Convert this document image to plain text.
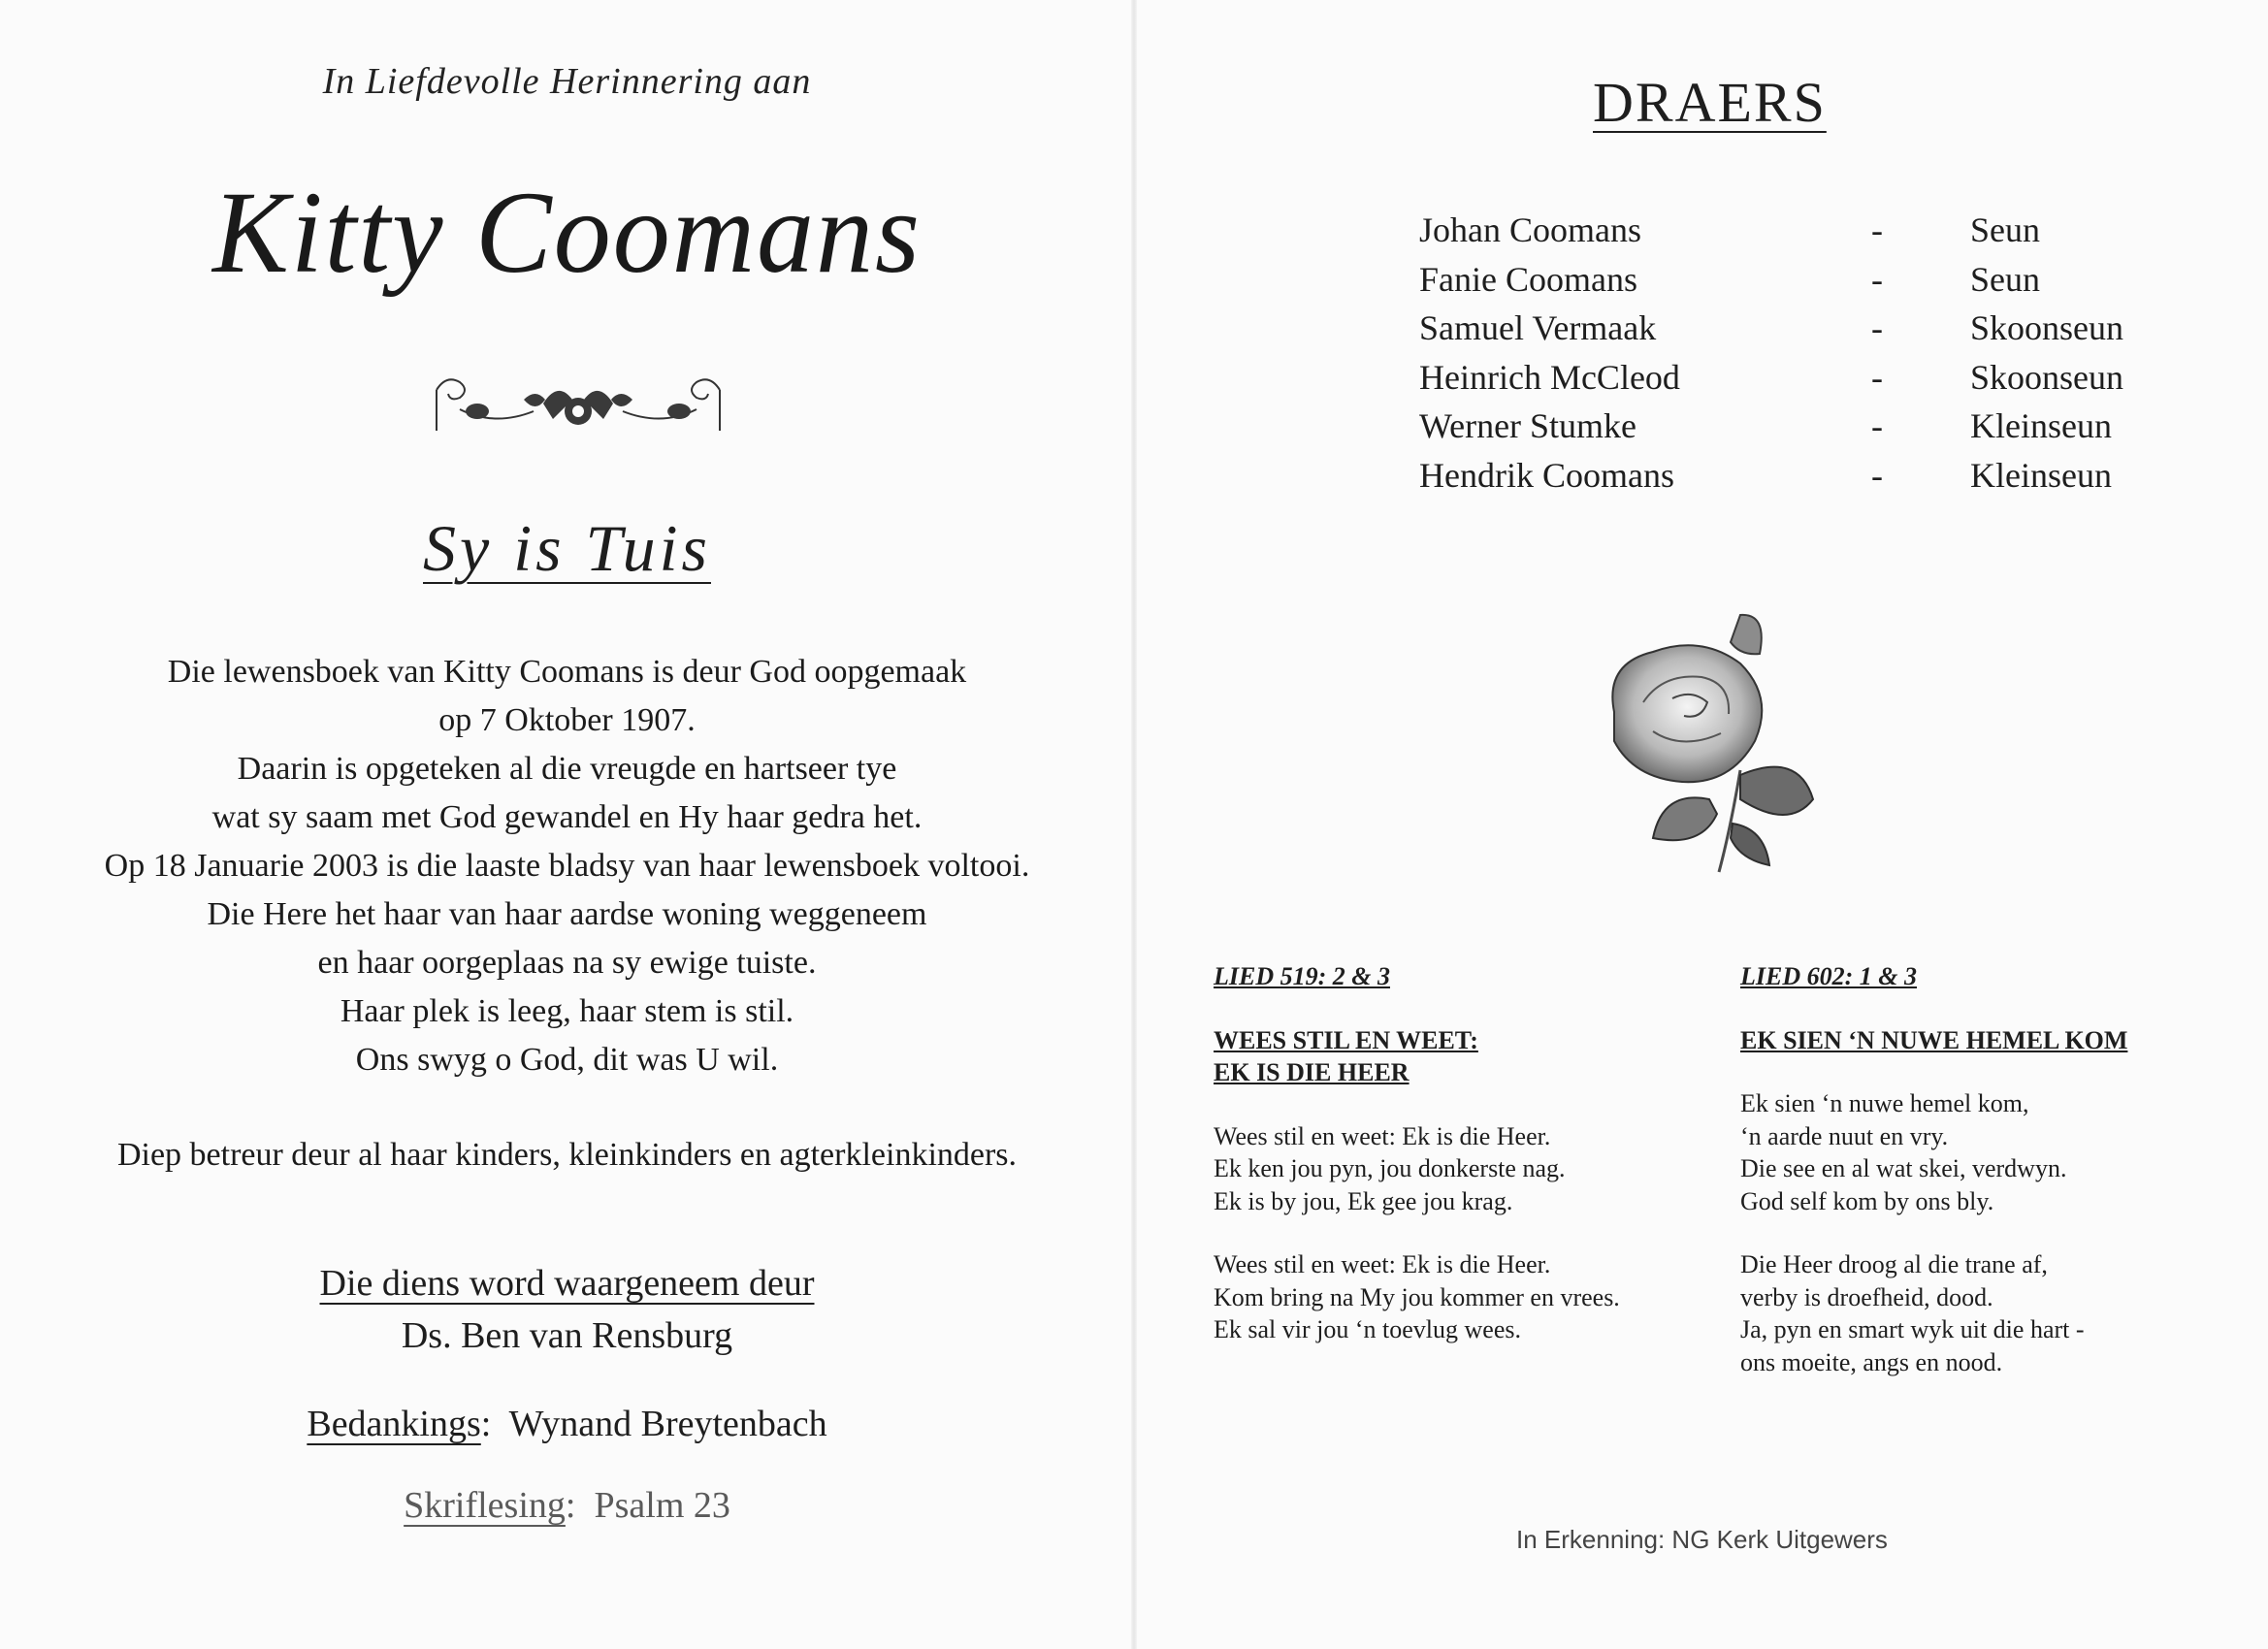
In Liefdevolle Herinnering aan
Kitty Coomans
Sy is Tuis
Die lewensboek van Kitty Coomans is deur God oopgemaak
op 7 Oktober 1907.
Daarin is opgeteken al die vreugde en hartseer tye
wat sy saam met God gewandel en Hy haar gedra het.
Op 18 Januarie 2003 is die laaste bladsy van haar lewensboek voltooi.
Die Here het haar van haar aardse woning weggeneem
en haar oorgeplaas na sy ewige tuiste.
Haar plek is leeg, haar stem is stil.
Ons swyg o God, dit was U wil.
Diep betreur deur al haar kinders, kleinkinders en agterkleinkinders.
Die diens word waargeneem deur
Ds. Ben van Rensburg
Bedankings:  Wynand Breytenbach
Skriflesing:  Psalm 23
DRAERS
Johan Coomans	-	Seun
Fanie Coomans	-	Seun
Samuel Vermaak	-	Skoonseun
Heinrich McCleod	-	Skoonseun
Werner Stumke	-	Kleinseun
Hendrik Coomans	-	Kleinseun
LIED 519: 2 & 3
WEES STIL EN WEET:
EK IS DIE HEER
Wees stil en weet: Ek is die Heer.
Ek ken jou pyn, jou donkerste nag.
Ek is by jou, Ek gee jou krag.
Wees stil en weet: Ek is die Heer.
Kom bring na My jou kommer en vrees.
Ek sal vir jou ‘n toevlug wees.
LIED 602: 1 & 3
EK SIEN ‘N NUWE HEMEL KOM
Ek sien ‘n nuwe hemel kom,
‘n aarde nuut en vry.
Die see en al wat skei, verdwyn.
God self kom by ons bly.
Die Heer droog al die trane af,
verby is droefheid, dood.
Ja, pyn en smart wyk uit die hart -
ons moeite, angs en nood.
In Erkenning: NG Kerk Uitgewers
